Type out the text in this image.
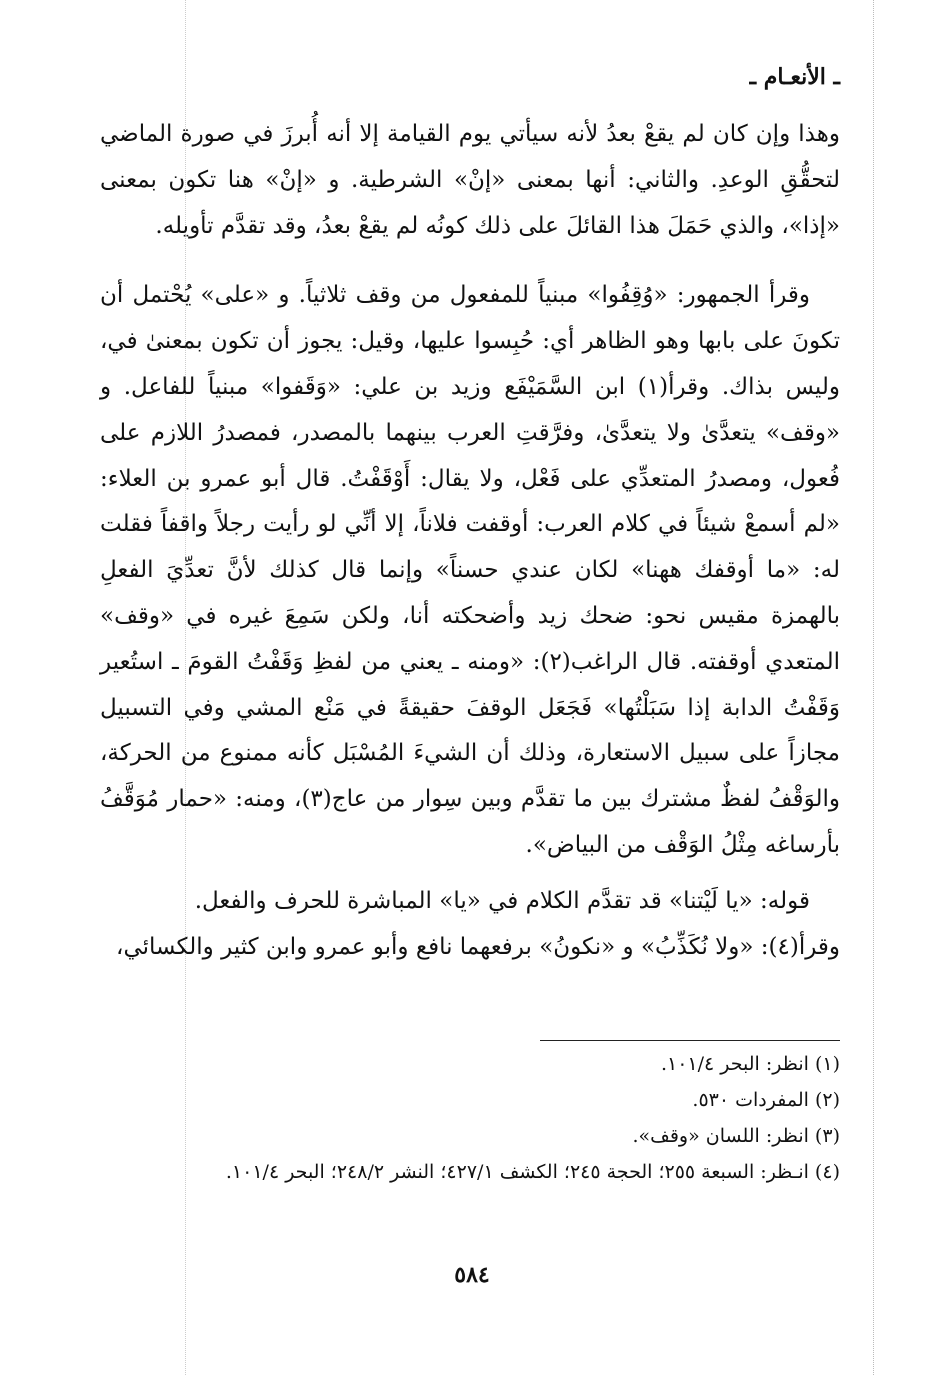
ـ الأنعـام ـ

وهذا وإن كان لم يقعْ بعدُ لأنه سيأتي يوم القيامة إلا أنه أُبرزَ في صورة الماضي لتحقُّقِ الوعدِ. والثاني: أنها بمعنى «إنْ» الشرطية. و «إنْ» هنا تكون بمعنى «إذا»، والذي حَمَلَ هذا القائلَ على ذلك كونُه لم يقعْ بعدُ، وقد تقدَّم تأويله.

وقرأ الجمهور: «وُقِفُوا» مبنياً للمفعول من وقف ثلاثياً. و «على» يُحْتمل أن تكونَ على بابها وهو الظاهر أي: حُبِسوا عليها، وقيل: يجوز أن تكون بمعنىٰ في، وليس بذاك. وقرأ(١) ابن السَّمَيْفَع وزيد بن علي: «وَقَفوا» مبنياً للفاعل. و «وقف» يتعدَّىٰ ولا يتعدَّىٰ، وفرَّقتِ العرب بينهما بالمصدر، فمصدرُ اللازم على فُعول، ومصدرُ المتعدِّي على فَعْل، ولا يقال: أَوْقَفْتُ. قال أبو عمرو بن العلاء: «لم أسمعْ شيئاً في كلام العرب: أوقفت فلاناً، إلا أنِّي لو رأيت رجلاً واقفاً فقلت له: «ما أوقفك ههنا» لكان عندي حسناً» وإنما قال كذلك لأنَّ تعدِّيَ الفعلِ بالهمزة مقيس نحو: ضحك زيد وأضحكته أنا، ولكن سَمِعَ غيره في «وقف» المتعدي أوقفته. قال الراغب(٢): «ومنه ـ يعني من لفظِ وَقَفْتُ القومَ ـ استُعير وَقَفْتُ الدابة إذا سَبَلْتُها» فَجَعَل الوقفَ حقيقةً في مَنْع المشي وفي التسبيل مجازاً على سبيل الاستعارة، وذلك أن الشيءَ المُسْبَل كأنه ممنوع من الحركة، والوَقْفُ لفظٌ مشترك بين ما تقدَّم وبين سِوار من عاج(٣)، ومنه: «حمار مُوَقَّفُ بأرساغه مِثْلُ الوَقْف من البياض».

قوله: «يا لَيْتنا» قد تقدَّم الكلام في «يا» المباشرة للحرف والفعل.

وقرأ(٤): «ولا نُكَذِّبُ» و «نكونُ» برفعهما نافع وأبو عمرو وابن كثير والكسائي،

(١) انظر: البحر ١٠١/٤.
(٢) المفردات ٥٣٠.
(٣) انظر: اللسان «وقف».
(٤) انـظر: السبعة ٢٥٥؛ الحجة ٢٤٥؛ الكشف ٤٢٧/١؛ النشر ٢٤٨/٢؛ البحر ١٠١/٤.
٥٨٤
